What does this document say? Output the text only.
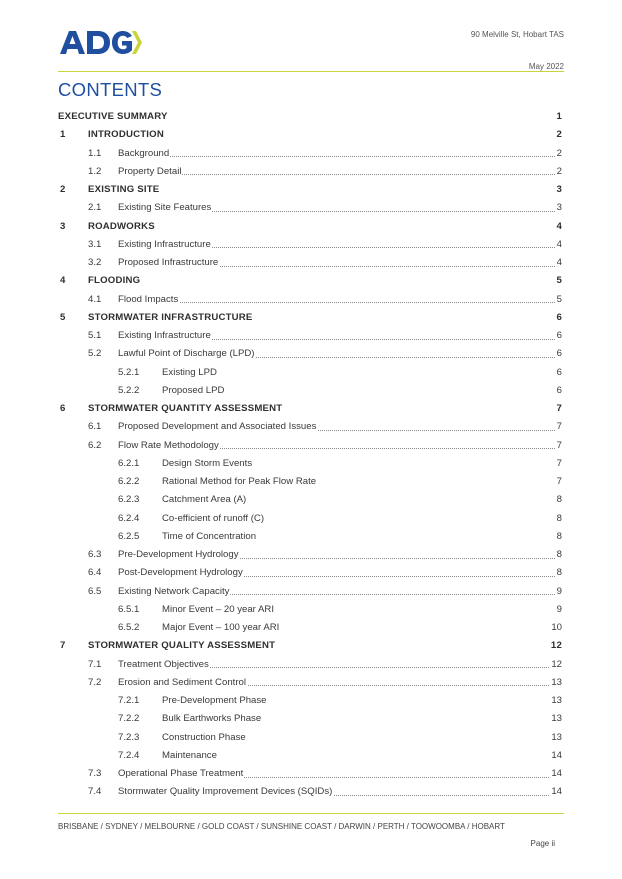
90 Melville St, Hobart TAS
May 2022
CONTENTS
EXECUTIVE SUMMARY	1
1 INTRODUCTION	2
1.1 Background	2
1.2 Property Detail	2
2 EXISTING SITE	3
2.1 Existing Site Features	3
3 ROADWORKS	4
3.1 Existing Infrastructure	4
3.2 Proposed Infrastructure	4
4 FLOODING	5
4.1 Flood Impacts	5
5 STORMWATER INFRASTRUCTURE	6
5.1 Existing Infrastructure	6
5.2 Lawful Point of Discharge (LPD)	6
5.2.1 Existing LPD	6
5.2.2 Proposed LPD	6
6 STORMWATER QUANTITY ASSESSMENT	7
6.1 Proposed Development and Associated Issues	7
6.2 Flow Rate Methodology	7
6.2.1 Design Storm Events	7
6.2.2 Rational Method for Peak Flow Rate	7
6.2.3 Catchment Area (A)	8
6.2.4 Co-efficient of runoff (C)	8
6.2.5 Time of Concentration	8
6.3 Pre-Development Hydrology	8
6.4 Post-Development Hydrology	8
6.5 Existing Network Capacity	9
6.5.1 Minor Event – 20 year ARI	9
6.5.2 Major Event – 100 year ARI	10
7 STORMWATER QUALITY ASSESSMENT	12
7.1 Treatment Objectives	12
7.2 Erosion and Sediment Control	13
7.2.1 Pre-Development Phase	13
7.2.2 Bulk Earthworks Phase	13
7.2.3 Construction Phase	13
7.2.4 Maintenance	14
7.3 Operational Phase Treatment	14
7.4 Stormwater Quality Improvement Devices (SQIDs)	14
BRISBANE / SYDNEY / MELBOURNE / GOLD COAST / SUNSHINE COAST / DARWIN / PERTH / TOOWOOMBA / HOBART
Page ii
